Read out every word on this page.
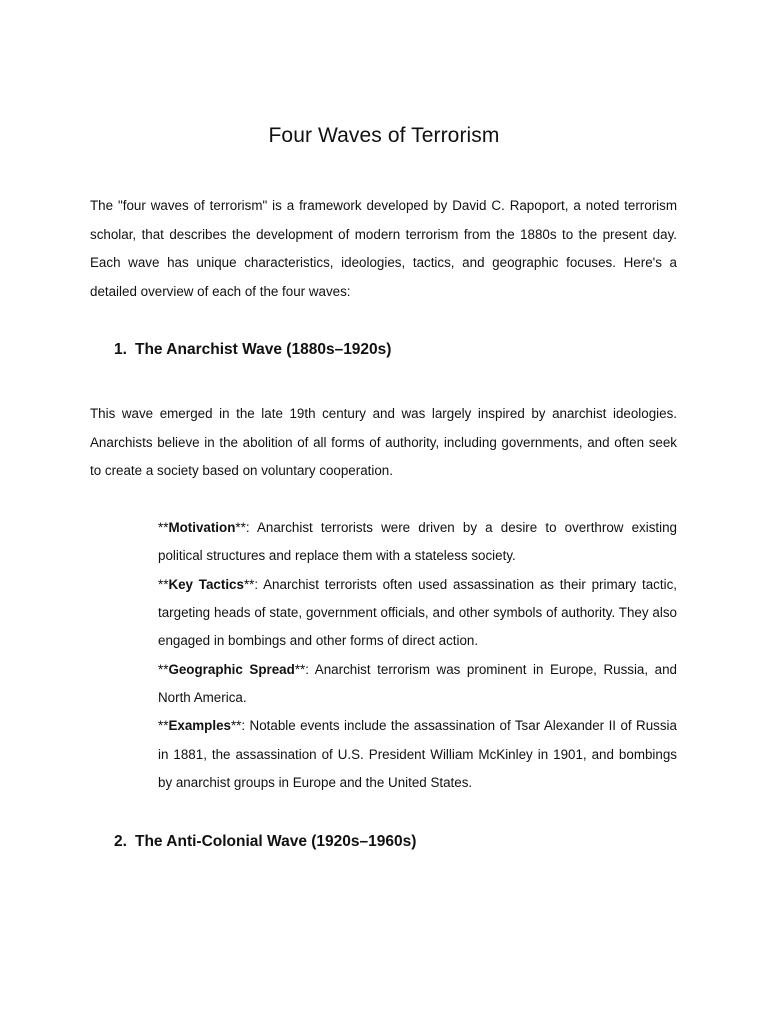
Four Waves of Terrorism

The "four waves of terrorism" is a framework developed by David C. Rapoport, a noted terrorism scholar, that describes the development of modern terrorism from the 1880s to the present day. Each wave has unique characteristics, ideologies, tactics, and geographic focuses. Here's a detailed overview of each of the four waves:

1. The Anarchist Wave (1880s–1920s)

This wave emerged in the late 19th century and was largely inspired by anarchist ideologies. Anarchists believe in the abolition of all forms of authority, including governments, and often seek to create a society based on voluntary cooperation.

**Motivation**: Anarchist terrorists were driven by a desire to overthrow existing political structures and replace them with a stateless society.
**Key Tactics**: Anarchist terrorists often used assassination as their primary tactic, targeting heads of state, government officials, and other symbols of authority. They also engaged in bombings and other forms of direct action.
**Geographic Spread**: Anarchist terrorism was prominent in Europe, Russia, and North America.
**Examples**: Notable events include the assassination of Tsar Alexander II of Russia in 1881, the assassination of U.S. President William McKinley in 1901, and bombings by anarchist groups in Europe and the United States.
2. The Anti-Colonial Wave (1920s–1960s)
